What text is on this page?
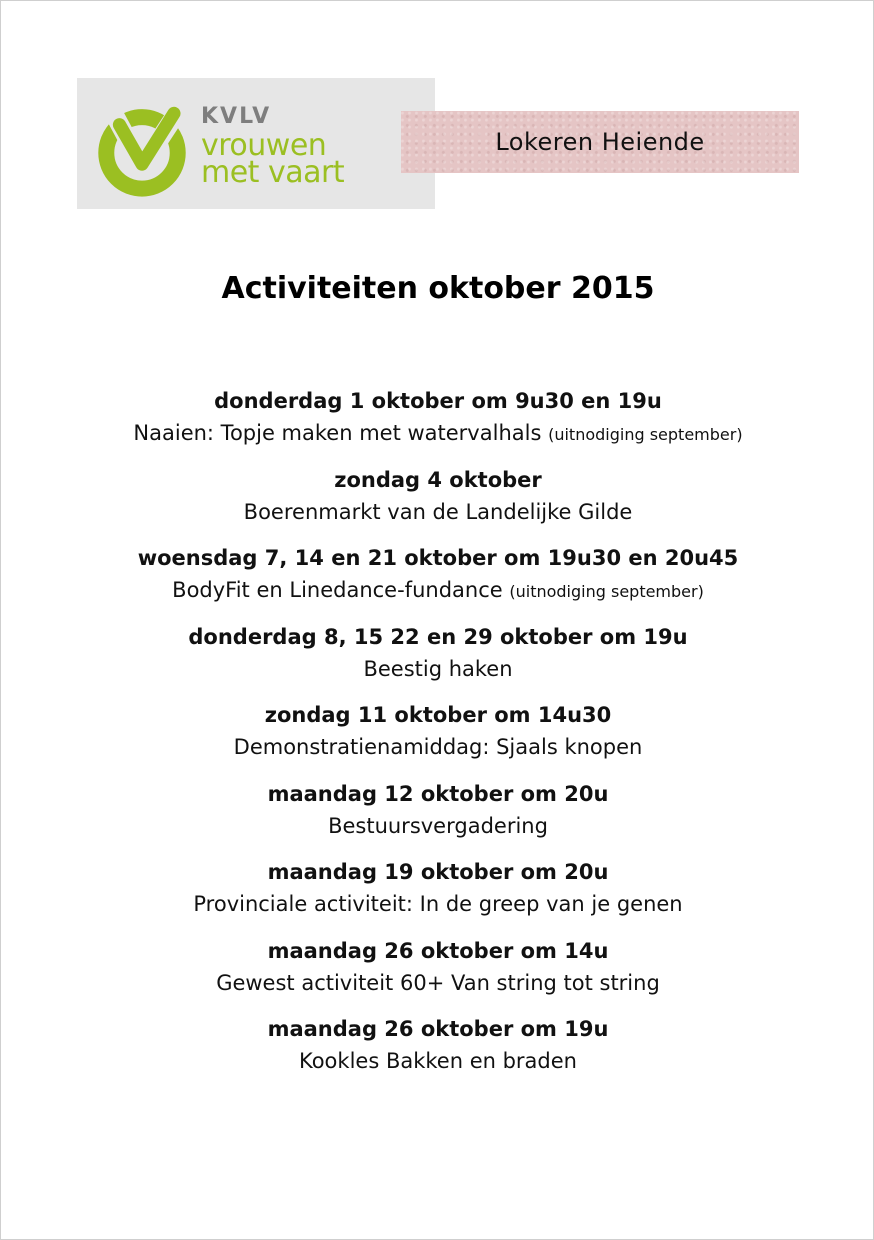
KVLV
vrouwen
met vaart
Lokeren Heiende
Activiteiten oktober 2015
donderdag 1 oktober om 9u30 en 19u
Naaien: Topje maken met watervalhals (uitnodiging september)
zondag 4 oktober
Boerenmarkt van de Landelijke Gilde
woensdag 7, 14 en 21 oktober om 19u30 en 20u45
BodyFit en Linedance-fundance (uitnodiging september)
donderdag 8, 15 22 en 29 oktober om 19u
Beestig haken
zondag 11 oktober om 14u30
Demonstratienamiddag: Sjaals knopen
maandag 12 oktober om 20u
Bestuursvergadering
maandag 19 oktober om 20u
Provinciale activiteit: In de greep van je genen
maandag 26 oktober om 14u
Gewest activiteit 60+ Van string tot string
maandag 26 oktober om 19u
Kookles Bakken en braden
